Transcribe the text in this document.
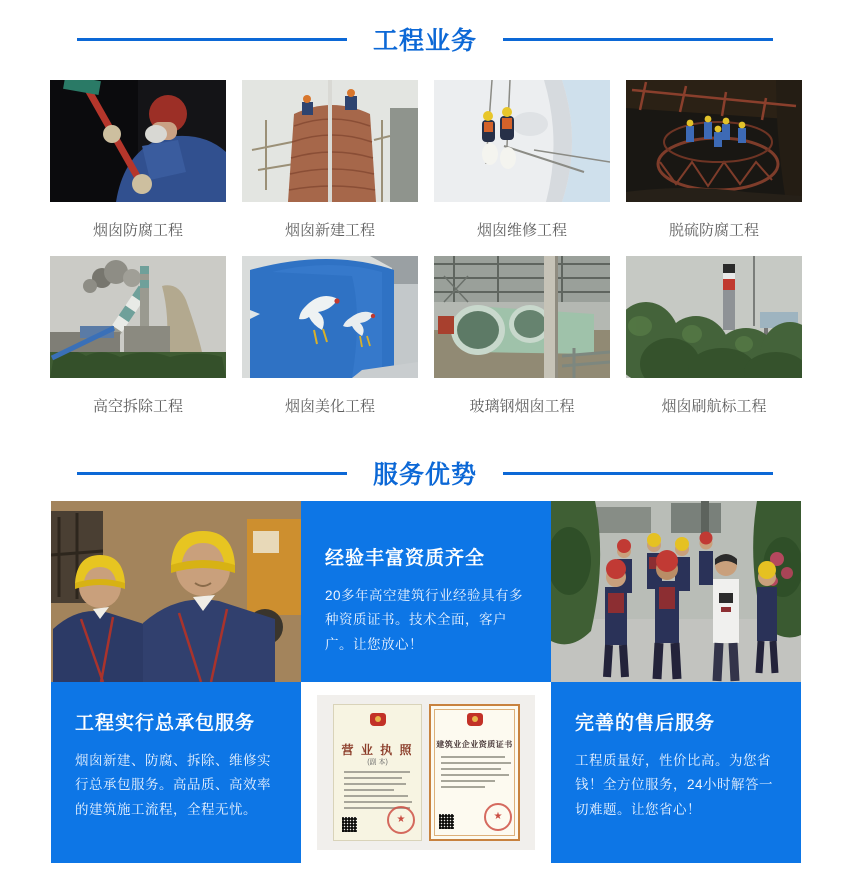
工程业务
烟囱防腐工程	烟囱新建工程	烟囱维修工程	脱硫防腐工程
高空拆除工程	烟囱美化工程	玻璃钢烟囱工程	烟囱刷航标工程
服务优势
经验丰富资质齐全
20多年高空建筑行业经验具有多种资质证书。技术全面，客户广。让您放心！
工程实行总承包服务
烟囱新建、防腐、拆除、维修实行总承包服务。高品质、高效率的建筑施工流程，全程无忧。
营 业 执 照
(副 本)
★
建筑业企业资质证书
★
完善的售后服务
工程质量好，性价比高。为您省钱！全方位服务，24小时解答一切难题。让您省心！
